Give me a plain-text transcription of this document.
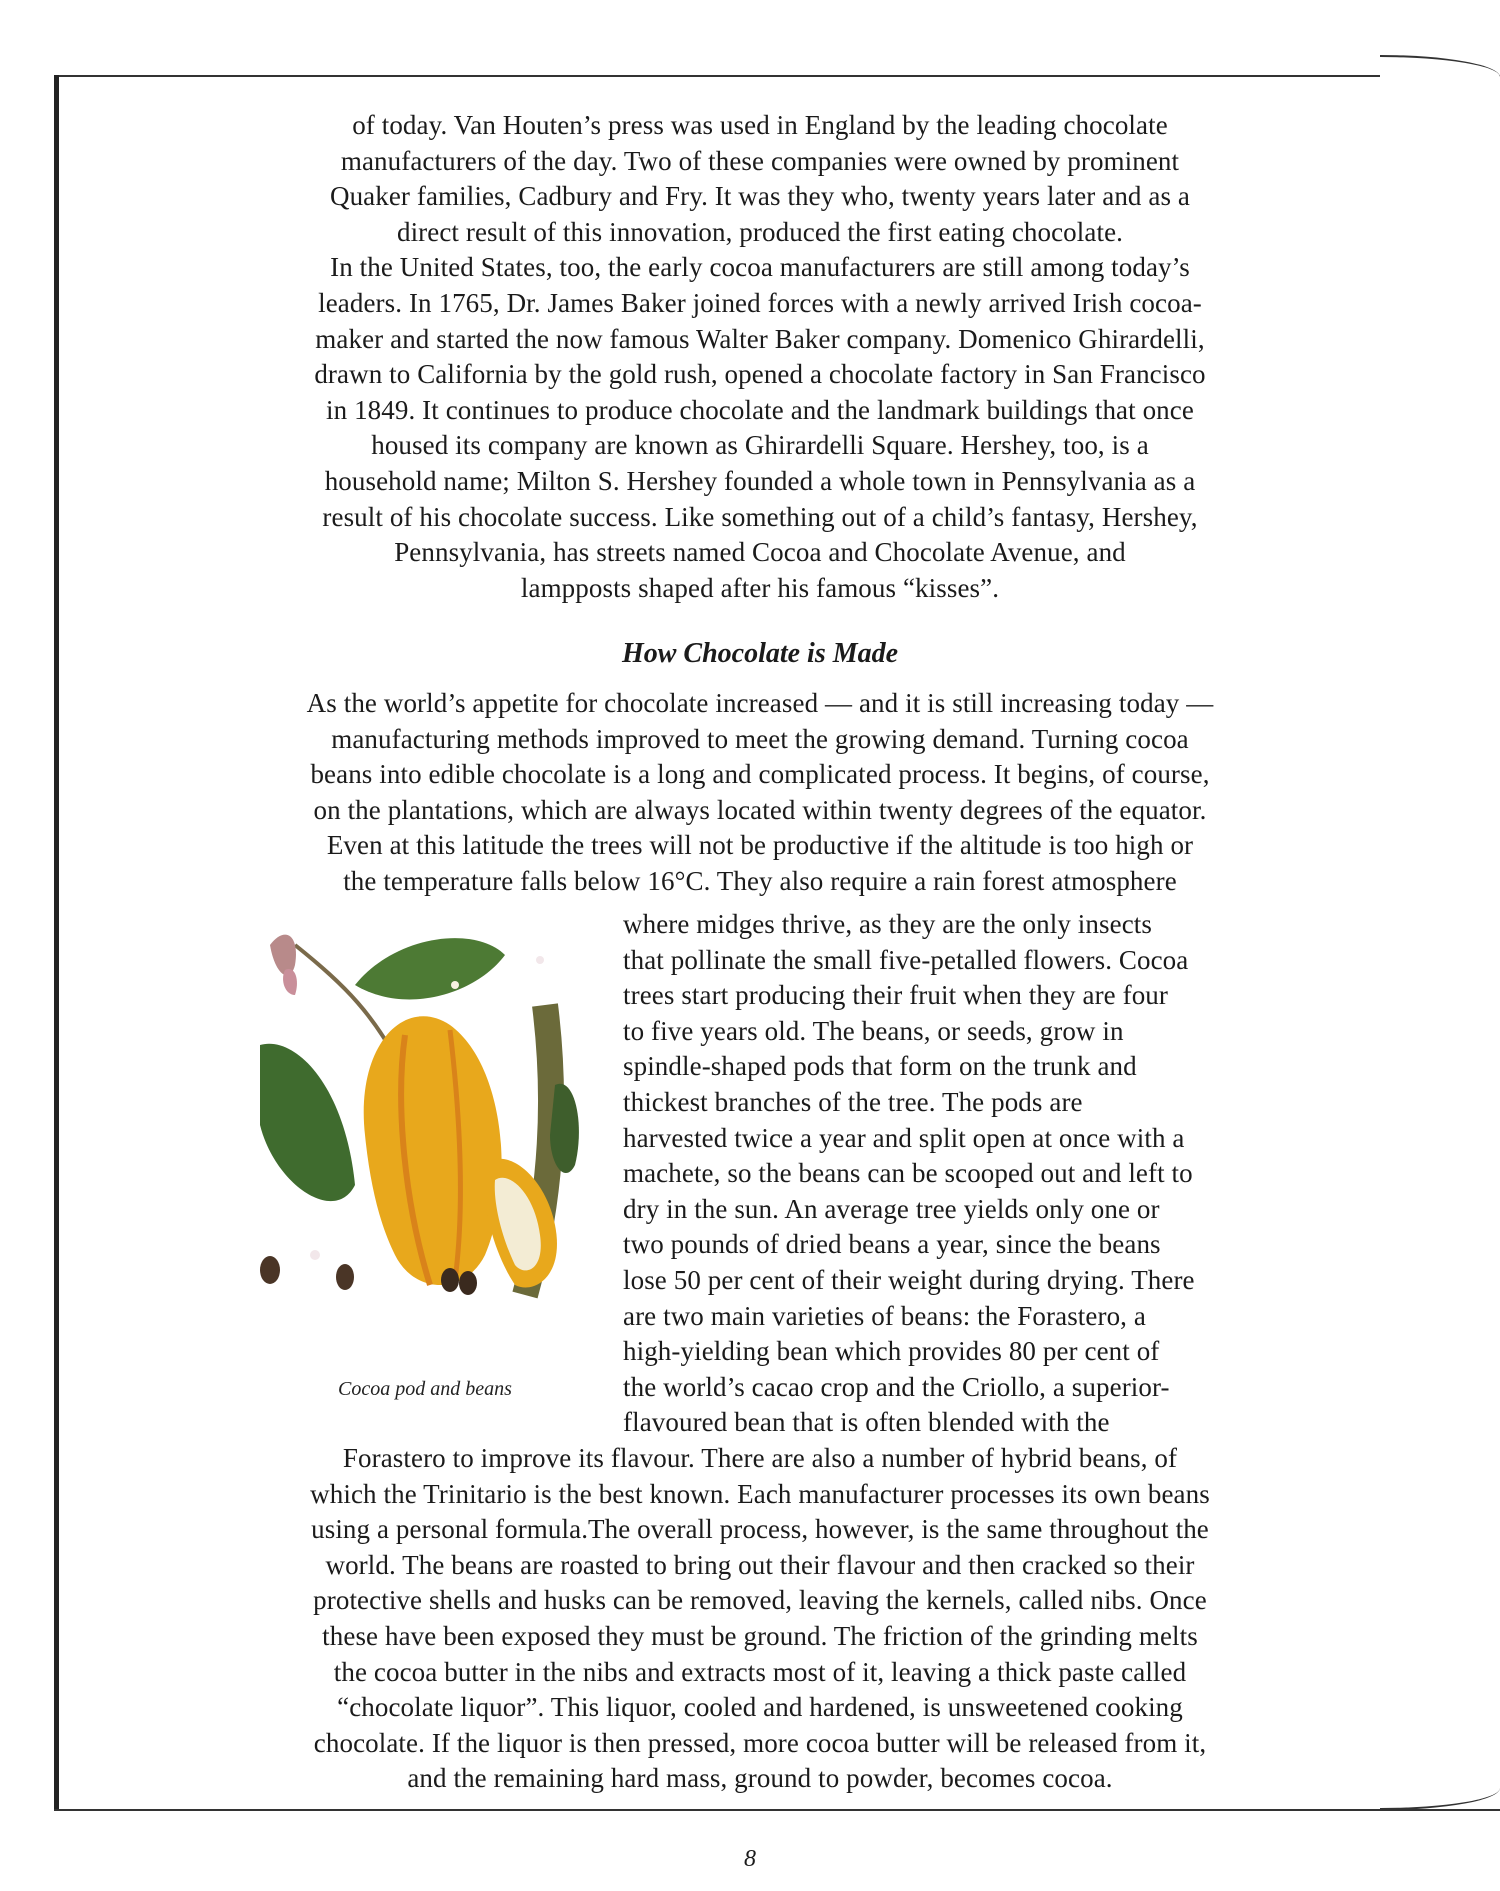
of today. Van Houten’s press was used in England by the leading chocolate
manufacturers of the day. Two of these companies were owned by prominent
Quaker families, Cadbury and Fry. It was they who, twenty years later and as a
direct result of this innovation, produced the first eating chocolate.
In the United States, too, the early cocoa manufacturers are still among today’s
leaders. In 1765, Dr. James Baker joined forces with a newly arrived Irish cocoa-
maker and started the now famous Walter Baker company. Domenico Ghirardelli,
drawn to California by the gold rush, opened a chocolate factory in San Francisco
in 1849. It continues to produce chocolate and the landmark buildings that once
housed its company are known as Ghirardelli Square. Hershey, too, is a
household name; Milton S. Hershey founded a whole town in Pennsylvania as a
result of his chocolate success. Like something out of a child’s fantasy, Hershey,
Pennsylvania, has streets named Cocoa and Chocolate Avenue, and
lampposts shaped after his famous “kisses”.
How Chocolate is Made
As the world’s appetite for chocolate increased — and it is still increasing today —
manufacturing methods improved to meet the growing demand. Turning cocoa
beans into edible chocolate is a long and complicated process. It begins, of course,
on the plantations, which are always located within twenty degrees of the equator.
Even at this latitude the trees will not be productive if the altitude is too high or
the temperature falls below 16°C. They also require a rain forest atmosphere
Cocoa pod and beans
where midges thrive, as they are the only insects
that pollinate the small five-petalled flowers. Cocoa
trees start producing their fruit when they are four
to five years old. The beans, or seeds, grow in
spindle-shaped pods that form on the trunk and
thickest branches of the tree. The pods are
harvested twice a year and split open at once with a
machete, so the beans can be scooped out and left to
dry in the sun. An average tree yields only one or
two pounds of dried beans a year, since the beans
lose 50 per cent of their weight during drying. There
are two main varieties of beans: the Forastero, a
high-yielding bean which provides 80 per cent of
the world’s cacao crop and the Criollo, a superior-
flavoured bean that is often blended with the
Forastero to improve its flavour. There are also a number of hybrid beans, of
which the Trinitario is the best known. Each manufacturer processes its own beans
using a personal formula.The overall process, however, is the same throughout the
world. The beans are roasted to bring out their flavour and then cracked so their
protective shells and husks can be removed, leaving the kernels, called nibs. Once
these have been exposed they must be ground. The friction of the grinding melts
the cocoa butter in the nibs and extracts most of it, leaving a thick paste called
“chocolate liquor”. This liquor, cooled and hardened, is unsweetened cooking
chocolate. If the liquor is then pressed, more cocoa butter will be released from it,
and the remaining hard mass, ground to powder, becomes cocoa.
8
